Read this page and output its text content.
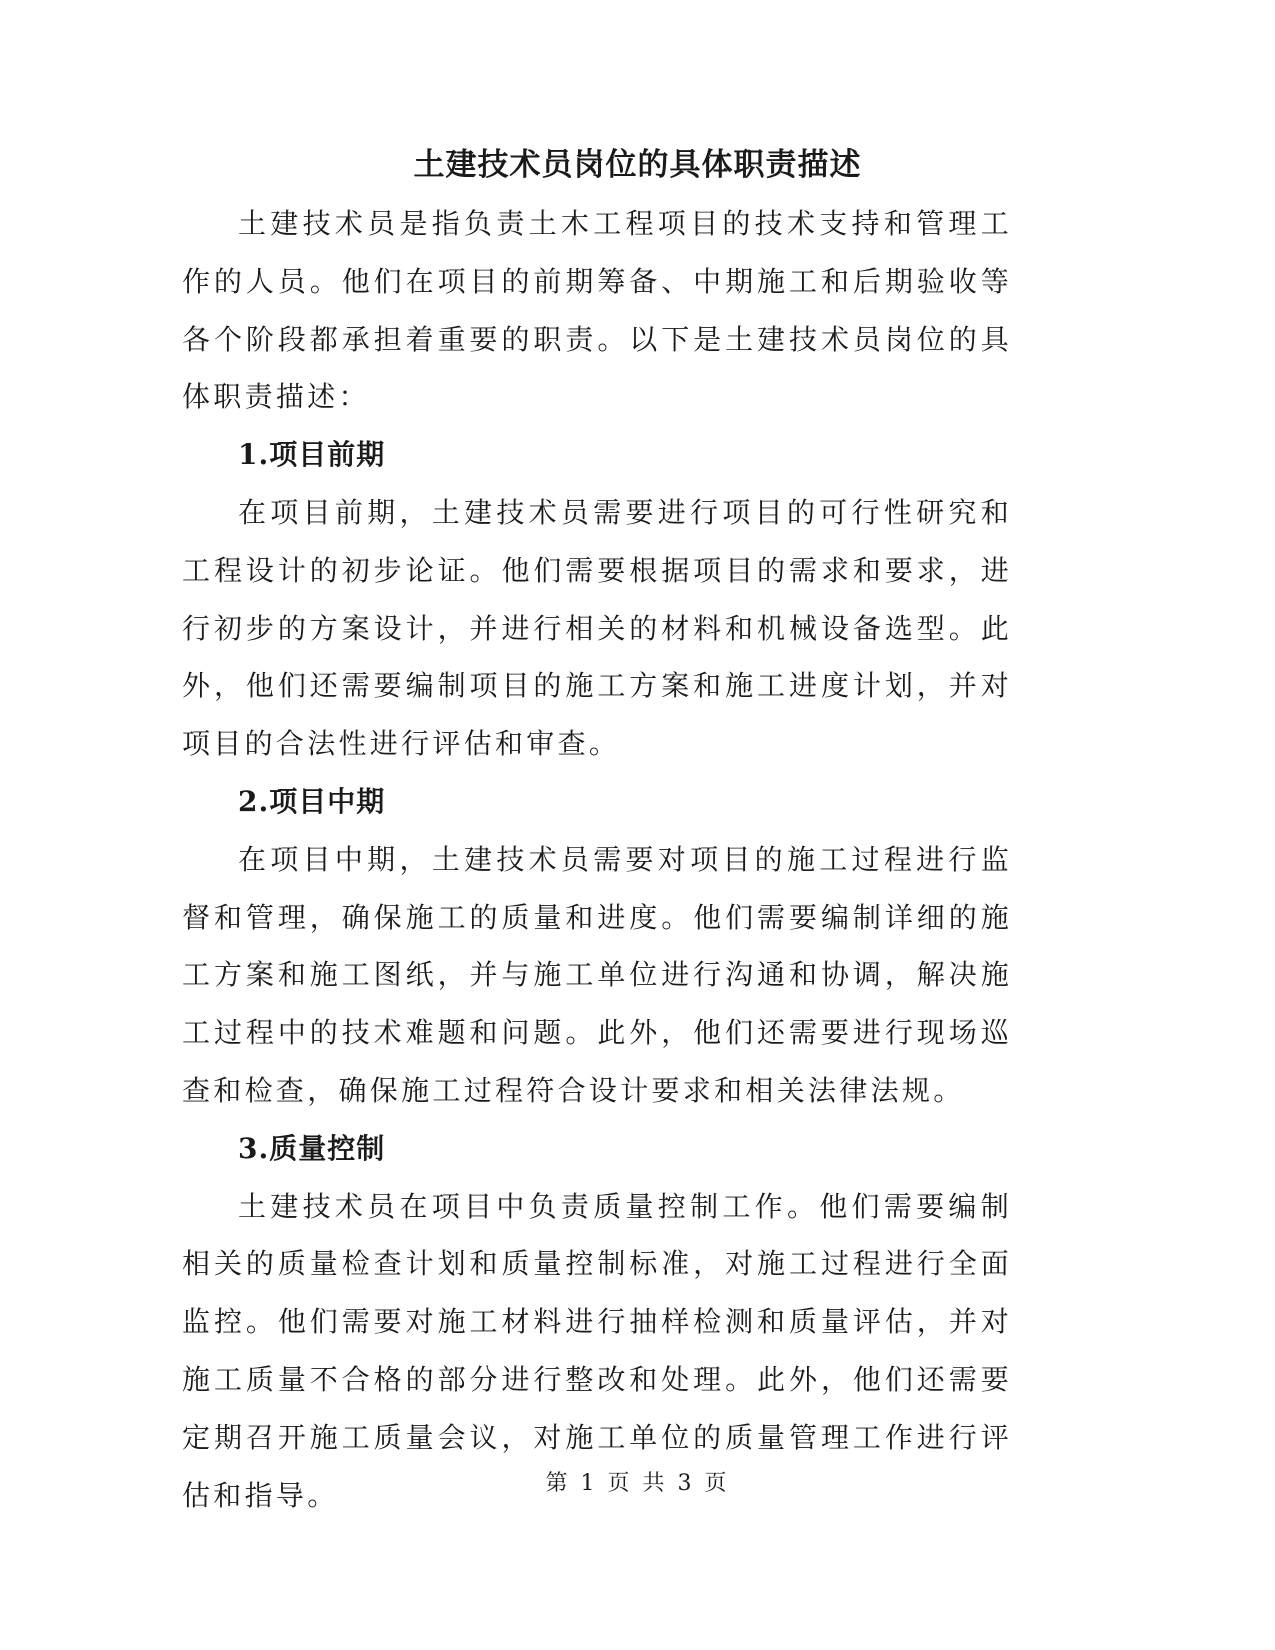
土建技术员岗位的具体职责描述

土建技术员是指负责土木工程项目的技术支持和管理工作的人员。他们在项目的前期筹备、中期施工和后期验收等各个阶段都承担着重要的职责。以下是土建技术员岗位的具体职责描述：

1.项目前期

在项目前期，土建技术员需要进行项目的可行性研究和工程设计的初步论证。他们需要根据项目的需求和要求，进行初步的方案设计，并进行相关的材料和机械设备选型。此外，他们还需要编制项目的施工方案和施工进度计划，并对项目的合法性进行评估和审查。

2.项目中期

在项目中期，土建技术员需要对项目的施工过程进行监督和管理，确保施工的质量和进度。他们需要编制详细的施工方案和施工图纸，并与施工单位进行沟通和协调，解决施工过程中的技术难题和问题。此外，他们还需要进行现场巡查和检查，确保施工过程符合设计要求和相关法律法规。

3.质量控制

土建技术员在项目中负责质量控制工作。他们需要编制相关的质量检查计划和质量控制标准，对施工过程进行全面监控。他们需要对施工材料进行抽样检测和质量评估，并对施工质量不合格的部分进行整改和处理。此外，他们还需要定期召开施工质量会议，对施工单位的质量管理工作进行评估和指导。	第 1 页 共 3 页
